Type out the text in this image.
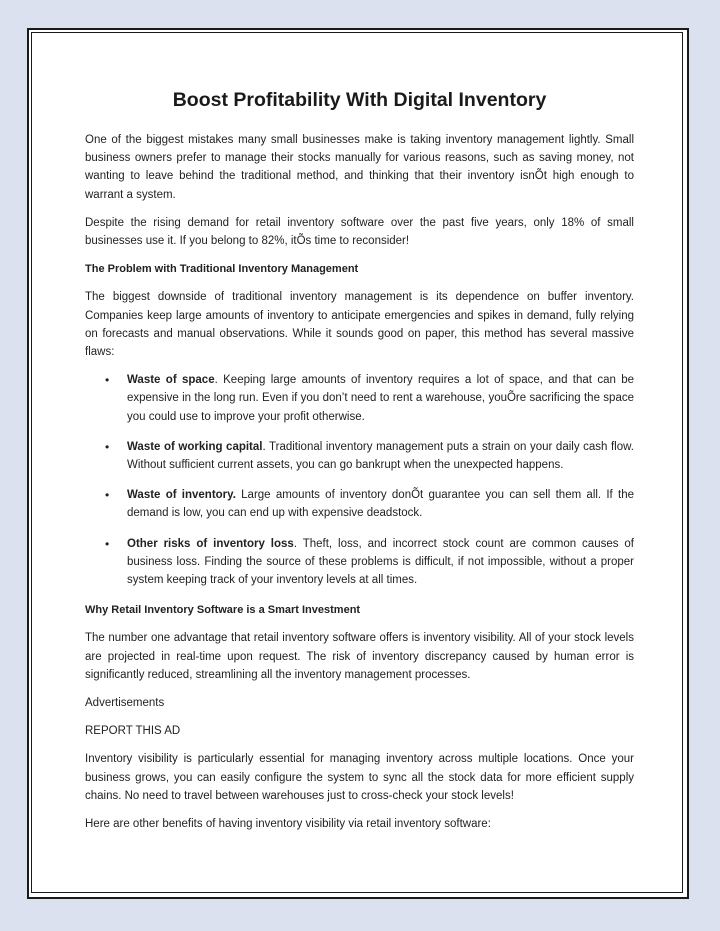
Boost Profitability With Digital Inventory

One of the biggest mistakes many small businesses make is taking inventory management lightly. Small business owners prefer to manage their stocks manually for various reasons, such as saving money, not wanting to leave behind the traditional method, and thinking that their inventory isnÕt high enough to warrant a system.

Despite the rising demand for retail inventory software over the past five years, only 18% of small businesses use it. If you belong to 82%, itÕs time to reconsider!

The Problem with Traditional Inventory Management

The biggest downside of traditional inventory management is its dependence on buffer inventory. Companies keep large amounts of inventory to anticipate emergencies and spikes in demand, fully relying on forecasts and manual observations. While it sounds good on paper, this method has several massive flaws:

• Waste of space. Keeping large amounts of inventory requires a lot of space, and that can be expensive in the long run. Even if you don’t need to rent a warehouse, youÕre sacrificing the space you could use to improve your profit otherwise.
• Waste of working capital. Traditional inventory management puts a strain on your daily cash flow. Without sufficient current assets, you can go bankrupt when the unexpected happens.
• Waste of inventory. Large amounts of inventory donÕt guarantee you can sell them all. If the demand is low, you can end up with expensive deadstock.
• Other risks of inventory loss. Theft, loss, and incorrect stock count are common causes of business loss. Finding the source of these problems is difficult, if not impossible, without a proper system keeping track of your inventory levels at all times.

Why Retail Inventory Software is a Smart Investment

The number one advantage that retail inventory software offers is inventory visibility. All of your stock levels are projected in real-time upon request. The risk of inventory discrepancy caused by human error is significantly reduced, streamlining all the inventory management processes.

Advertisements

REPORT THIS AD

Inventory visibility is particularly essential for managing inventory across multiple locations. Once your business grows, you can easily configure the system to sync all the stock data for more efficient supply chains. No need to travel between warehouses just to cross-check your stock levels!

Here are other benefits of having inventory visibility via retail inventory software:
